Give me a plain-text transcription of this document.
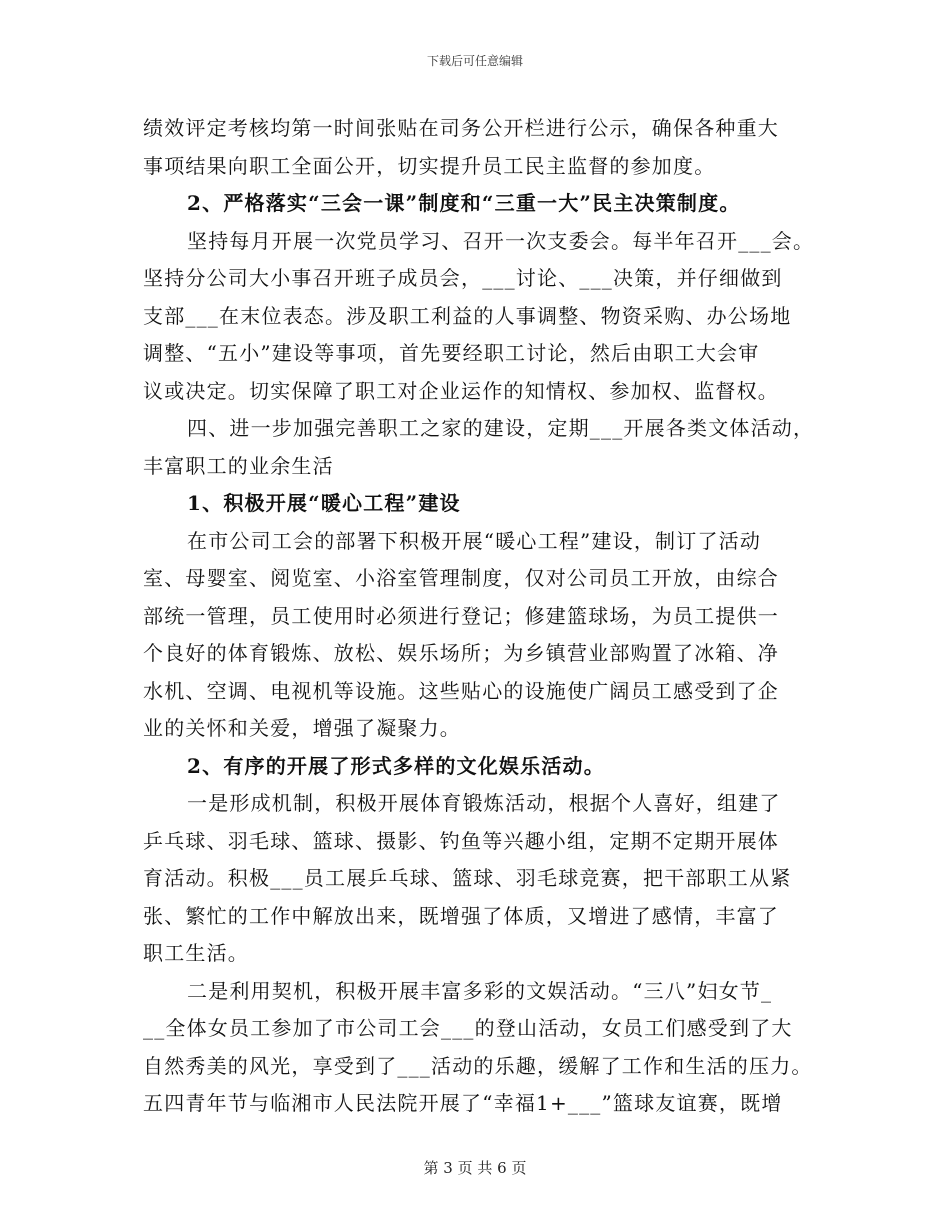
下载后可任意编辑
绩效评定考核均第一时间张贴在司务公开栏进行公示，确保各种重大
事项结果向职工全面公开，切实提升员工民主监督的参加度。
2、严格落实“三会一课”制度和“三重一大”民主决策制度。
坚持每月开展一次党员学习、召开一次支委会。每半年召开___会。
坚持分公司大小事召开班子成员会，___讨论、___决策，并仔细做到
支部___在末位表态。涉及职工利益的人事调整、物资采购、办公场地
调整、“五小”建设等事项，首先要经职工讨论，然后由职工大会审
议或决定。切实保障了职工对企业运作的知情权、参加权、监督权。
四、进一步加强完善职工之家的建设，定期___开展各类文体活动，
丰富职工的业余生活
1、积极开展“暖心工程”建设
在市公司工会的部署下积极开展“暖心工程”建设，制订了活动
室、母婴室、阅览室、小浴室管理制度，仅对公司员工开放，由综合
部统一管理，员工使用时必须进行登记；修建篮球场，为员工提供一
个良好的体育锻炼、放松、娱乐场所；为乡镇营业部购置了冰箱、净
水机、空调、电视机等设施。这些贴心的设施使广阔员工感受到了企
业的关怀和关爱，增强了凝聚力。
2、有序的开展了形式多样的文化娱乐活动。
一是形成机制，积极开展体育锻炼活动，根据个人喜好，组建了
乒乓球、羽毛球、篮球、摄影、钓鱼等兴趣小组，定期不定期开展体
育活动。积极___员工展乒乓球、篮球、羽毛球竞赛，把干部职工从紧
张、繁忙的工作中解放出来，既增强了体质，又增进了感情，丰富了
职工生活。
二是利用契机，积极开展丰富多彩的文娱活动。“三八”妇女节_
__全体女员工参加了市公司工会___的登山活动，女员工们感受到了大
自然秀美的风光，享受到了___活动的乐趣，缓解了工作和生活的压力。
五四青年节与临湘市人民法院开展了“幸福1+___”篮球友谊赛，既增
第 3 页 共 6 页
